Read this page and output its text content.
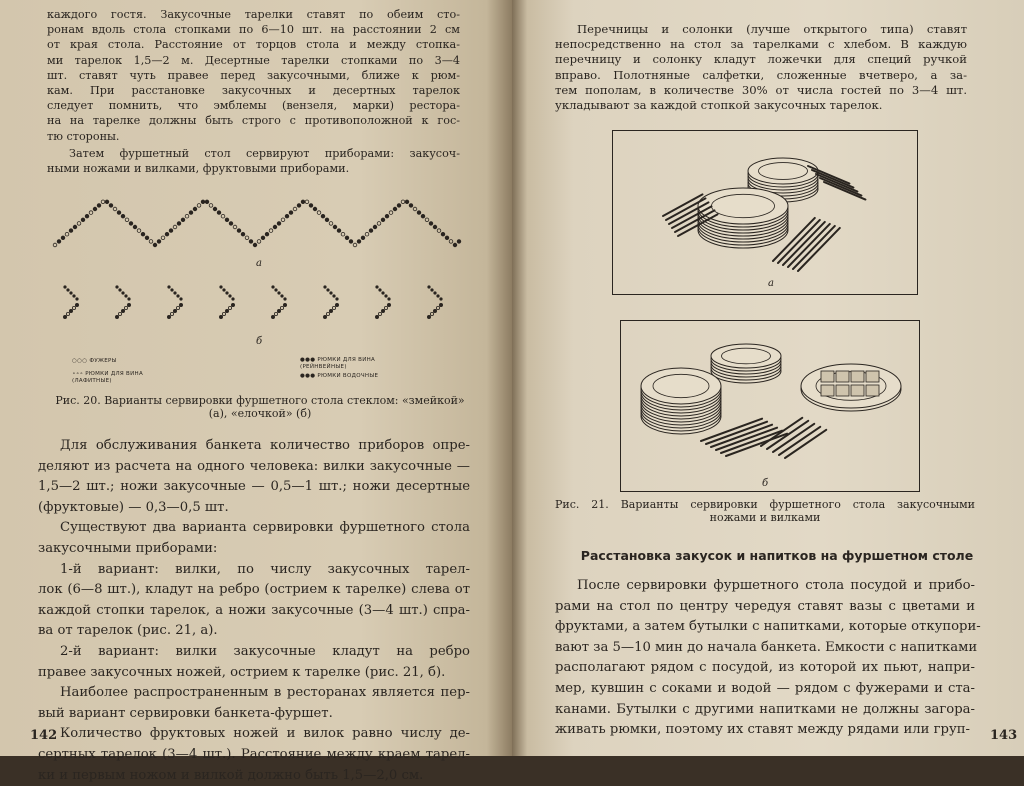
каждого гостя. Закусочные тарелки ставят по обеим сто-
ронам вдоль стола стопками по 6—10 шт. на расстоянии 2 см
от края стола. Расстояние от торцов стола и между стопка-
ми тарелок 1,5—2 м. Десертные тарелки стопками по 3—4
шт. ставят чуть правее перед закусочными, ближе к рюм-
кам. При расстановке закусочных и десертных тарелок
следует помнить, что эмблемы (вензеля, марки) рестора-
на на тарелке должны быть строго с противоположной к гос-
тю стороны.
Затем фуршетный стол сервируют приборами: закусоч-
ными ножами и вилками, фруктовыми приборами.
а
б
○○○ ФУЖЕРЫ
∘∘∘ РЮМКИ ДЛЯ ВИНА (ЛАФИТНЫЕ)
●●● РЮМКИ ДЛЯ ВИНА (РЕЙНВЕЙНЫЕ)
●●● РЮМКИ ВОДОЧНЫЕ
Рис. 20. Варианты сервировки фуршетного стола стеклом: «змейкой»
(а), «елочкой» (б)
Для обслуживания банкета количество приборов опре-
деляют из расчета на одного человека: вилки закусочные —
1,5—2 шт.; ножи закусочные — 0,5—1 шт.; ножи десертные
(фруктовые) — 0,3—0,5 шт.
Существуют два варианта сервировки фуршетного стола
закусочными приборами:
1-й вариант: вилки, по числу закусочных тарел-
лок (6—8 шт.), кладут на ребро (острием к тарелке) слева от
каждой стопки тарелок, а ножи закусочные (3—4 шт.) спра-
ва от тарелок (рис. 21, а).
2-й вариант: вилки закусочные кладут на ребро
правее закусочных ножей, острием к тарелке (рис. 21, б).
Наиболее распространенным в ресторанах является пер-
вый вариант сервировки банкета-фуршет.
Количество фруктовых ножей и вилок равно числу де-
сертных тарелок (3—4 шт.). Расстояние между краем тарел-
ки и первым ножом и вилкой должно быть 1,5—2,0 см.
142
Перечницы и солонки (лучше открытого типа) ставят
непосредственно на стол за тарелками с хлебом. В каждую
перечницу и солонку кладут ложечки для специй ручкой
вправо. Полотняные салфетки, сложенные вчетверо, а за-
тем пополам, в количестве 30% от числа гостей по 3—4 шт.
укладывают за каждой стопкой закусочных тарелок.
а
б
Рис. 21. Варианты сервировки фуршетного стола закусочными
ножами и вилками
Расстановка закусок и напитков на фуршетном столе
После сервировки фуршетного стола посудой и прибо-
рами на стол по центру чередуя ставят вазы с цветами и
фруктами, а затем бутылки с напитками, которые откупори-
вают за 5—10 мин до начала банкета. Емкости с напитками
располагают рядом с посудой, из которой их пьют, напри-
мер, кувшин с соками и водой — рядом с фужерами и ста-
канами. Бутылки с другими напитками не должны загора-
живать рюмки, поэтому их ставят между рядами или груп-	143
